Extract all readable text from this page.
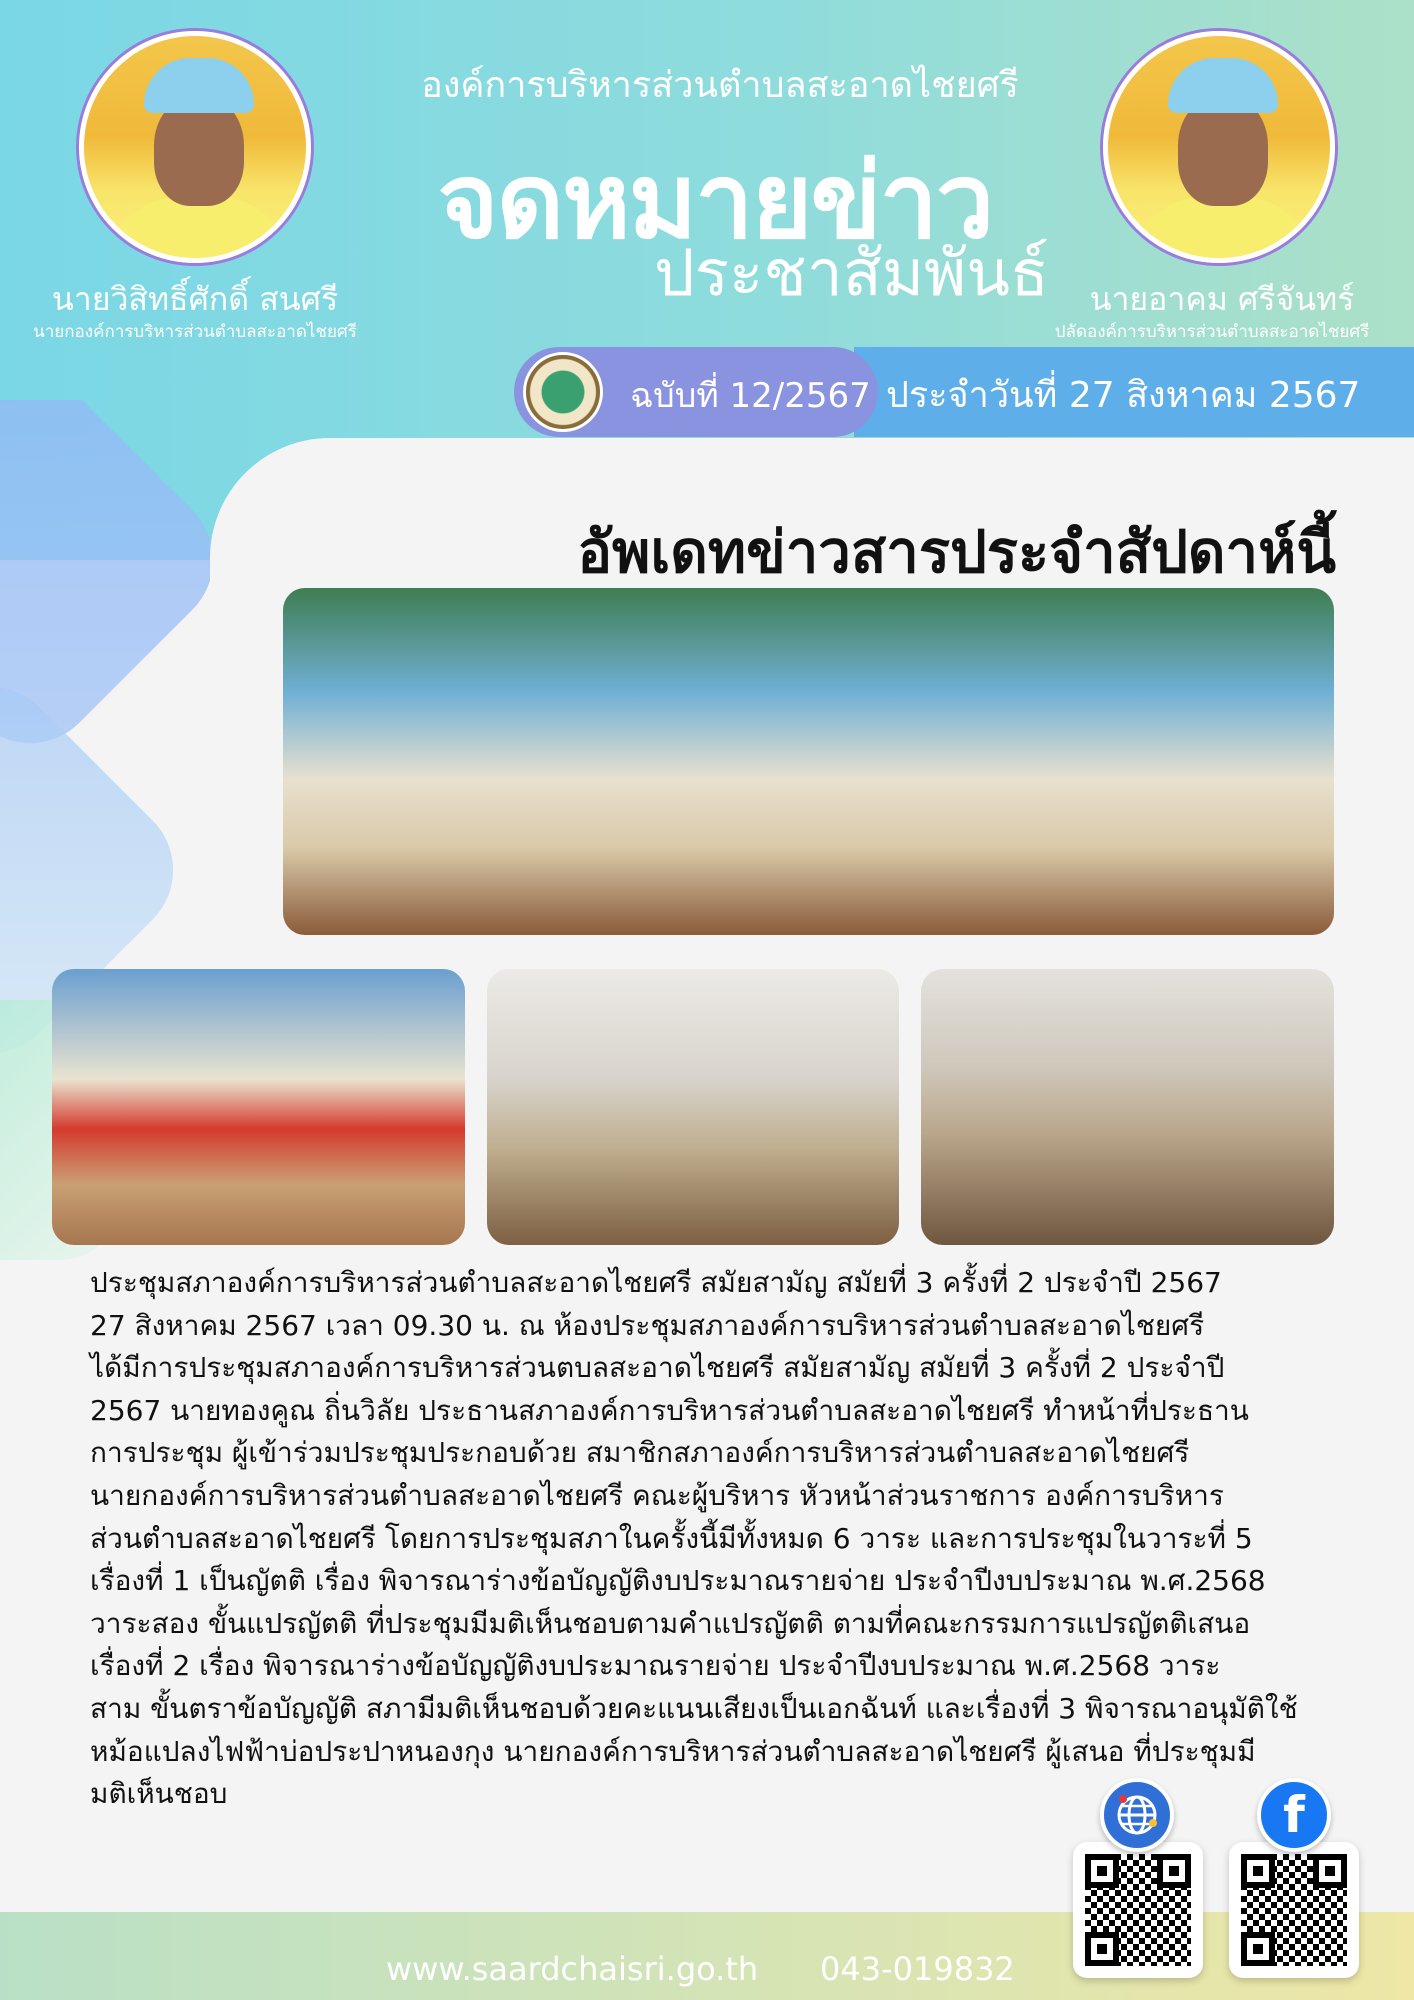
องค์การบริหารส่วนตำบลสะอาดไชยศรี
จดหมายข่าว
ประชาสัมพันธ์
นายวิสิทธิ์ศักดิ์ สนศรี
นายกองค์การบริหารส่วนตำบลสะอาดไชยศรี
นายอาคม ศรีจันทร์
ปลัดองค์การบริหารส่วนตำบลสะอาดไชยศรี
ฉบับที่ 12/2567 ประจำวันที่ 27 สิงหาคม 2567
อัพเดทข่าวสารประจำสัปดาห์นี้
ประชุมสภาองค์การบริหารส่วนตำบลสะอาดไชยศรี สมัยสามัญ สมัยที่ 3 ครั้งที่ 2 ประจำปี 2567
27 สิงหาคม 2567 เวลา 09.30 น. ณ ห้องประชุมสภาองค์การบริหารส่วนตำบลสะอาดไชยศรี
ได้มีการประชุมสภาองค์การบริหารส่วนตบลสะอาดไชยศรี สมัยสามัญ สมัยที่ 3 ครั้งที่ 2 ประจำปี
2567 นายทองคูณ ถิ่นวิลัย ประธานสภาองค์การบริหารส่วนตำบลสะอาดไชยศรี ทำหน้าที่ประธาน
การประชุม ผู้เข้าร่วมประชุมประกอบด้วย สมาชิกสภาองค์การบริหารส่วนตำบลสะอาดไชยศรี
นายกองค์การบริหารส่วนตำบลสะอาดไชยศรี คณะผู้บริหาร หัวหน้าส่วนราชการ องค์การบริหาร
ส่วนตำบลสะอาดไชยศรี โดยการประชุมสภาในครั้งนี้มีทั้งหมด 6 วาระ และการประชุมในวาระที่ 5
เรื่องที่ 1 เป็นญัตติ เรื่อง พิจารณาร่างข้อบัญญัติงบประมาณรายจ่าย ประจำปีงบประมาณ พ.ศ.2568
วาระสอง ขั้นแปรญัตติ ที่ประชุมมีมติเห็นชอบตามคำแปรญัตติ ตามที่คณะกรรมการแปรญัตติเสนอ
เรื่องที่ 2 เรื่อง พิจารณาร่างข้อบัญญัติงบประมาณรายจ่าย ประจำปีงบประมาณ พ.ศ.2568 วาระ
สาม ขั้นตราข้อบัญญัติ สภามีมติเห็นชอบด้วยคะแนนเสียงเป็นเอกฉันท์ และเรื่องที่ 3 พิจารณาอนุมัติใช้
หม้อแปลงไฟฟ้าบ่อประปาหนองกุง นายกองค์การบริหารส่วนตำบลสะอาดไชยศรี ผู้เสนอ ที่ประชุมมี
มติเห็นชอบ
www.saardchaisri.go.th 043-019832
f
